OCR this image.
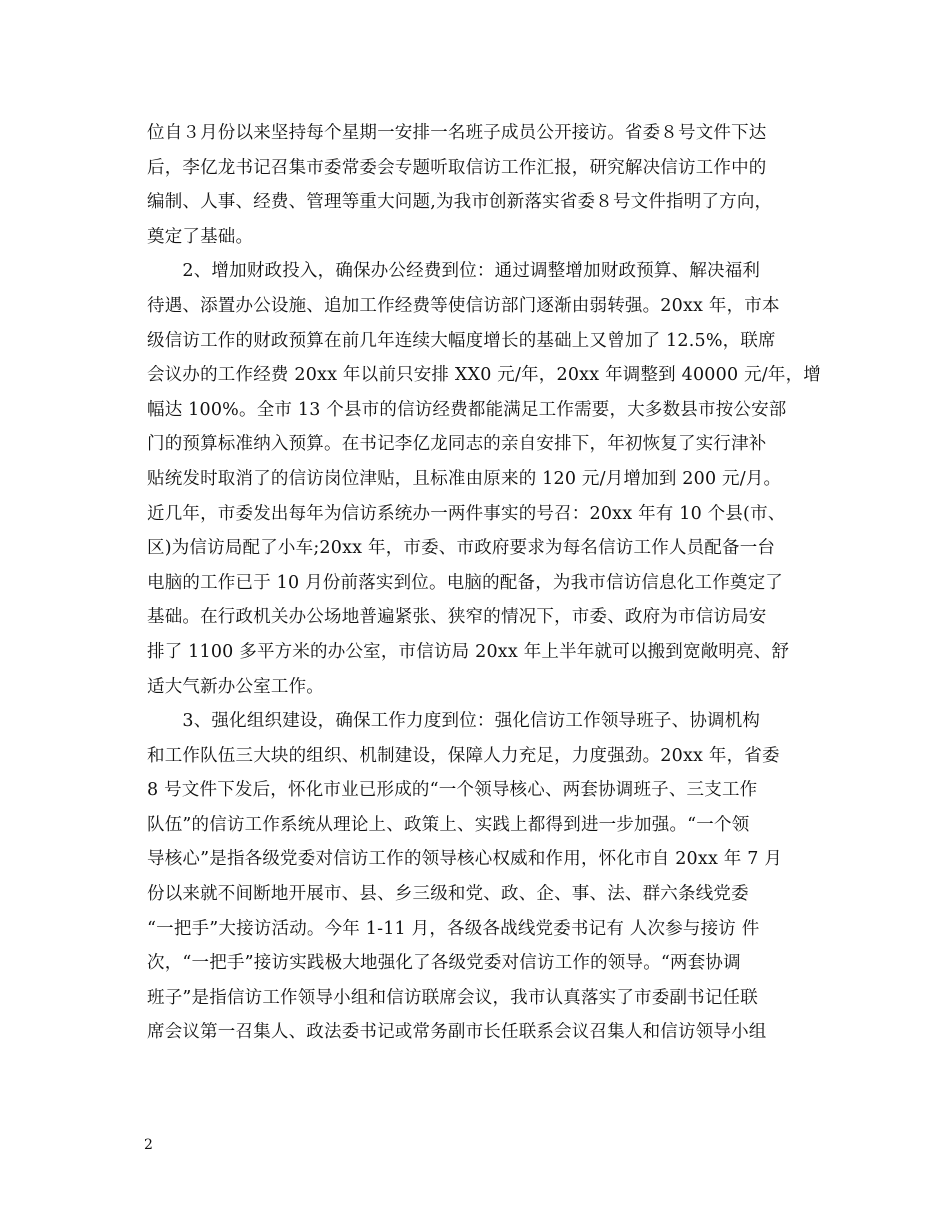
位自３月份以来坚持每个星期一安排一名班子成员公开接访。省委８号文件下达
后，李亿龙书记召集市委常委会专题听取信访工作汇报，研究解决信访工作中的
编制、人事、经费、管理等重大问题,为我市创新落实省委８号文件指明了方向，
奠定了基础。
　　2、增加财政投入，确保办公经费到位：通过调整增加财政预算、解决福利
待遇、添置办公设施、追加工作经费等使信访部门逐渐由弱转强。20xx 年，市本
级信访工作的财政预算在前几年连续大幅度增长的基础上又曾加了 12.5%，联席
会议办的工作经费 20xx 年以前只安排 XX0 元/年，20xx 年调整到 40000 元/年，增
幅达 100%。全市 13 个县市的信访经费都能满足工作需要，大多数县市按公安部
门的预算标准纳入预算。在书记李亿龙同志的亲自安排下，年初恢复了实行津补
贴统发时取消了的信访岗位津贴，且标准由原来的 120 元/月增加到 200 元/月。
近几年，市委发出每年为信访系统办一两件事实的号召：20xx 年有 10 个县(市、
区)为信访局配了小车;20xx 年，市委、市政府要求为每名信访工作人员配备一台
电脑的工作已于 10 月份前落实到位。电脑的配备，为我市信访信息化工作奠定了
基础。在行政机关办公场地普遍紧张、狭窄的情况下，市委、政府为市信访局安
排了 1100 多平方米的办公室，市信访局 20xx 年上半年就可以搬到宽敞明亮、舒
适大气新办公室工作。
　　3、强化组织建设，确保工作力度到位：强化信访工作领导班子、协调机构
和工作队伍三大块的组织、机制建设，保障人力充足，力度强劲。20xx 年，省委
8 号文件下发后，怀化市业已形成的“一个领导核心、两套协调班子、三支工作
队伍”的信访工作系统从理论上、政策上、实践上都得到进一步加强。“一个领
导核心”是指各级党委对信访工作的领导核心权威和作用，怀化市自 20xx 年 7 月
份以来就不间断地开展市、县、乡三级和党、政、企、事、法、群六条线党委
“一把手”大接访活动。今年 1-11 月，各级各战线党委书记有 人次参与接访 件
次，“一把手”接访实践极大地强化了各级党委对信访工作的领导。“两套协调
班子”是指信访工作领导小组和信访联席会议，我市认真落实了市委副书记任联
席会议第一召集人、政法委书记或常务副市长任联系会议召集人和信访领导小组
2
